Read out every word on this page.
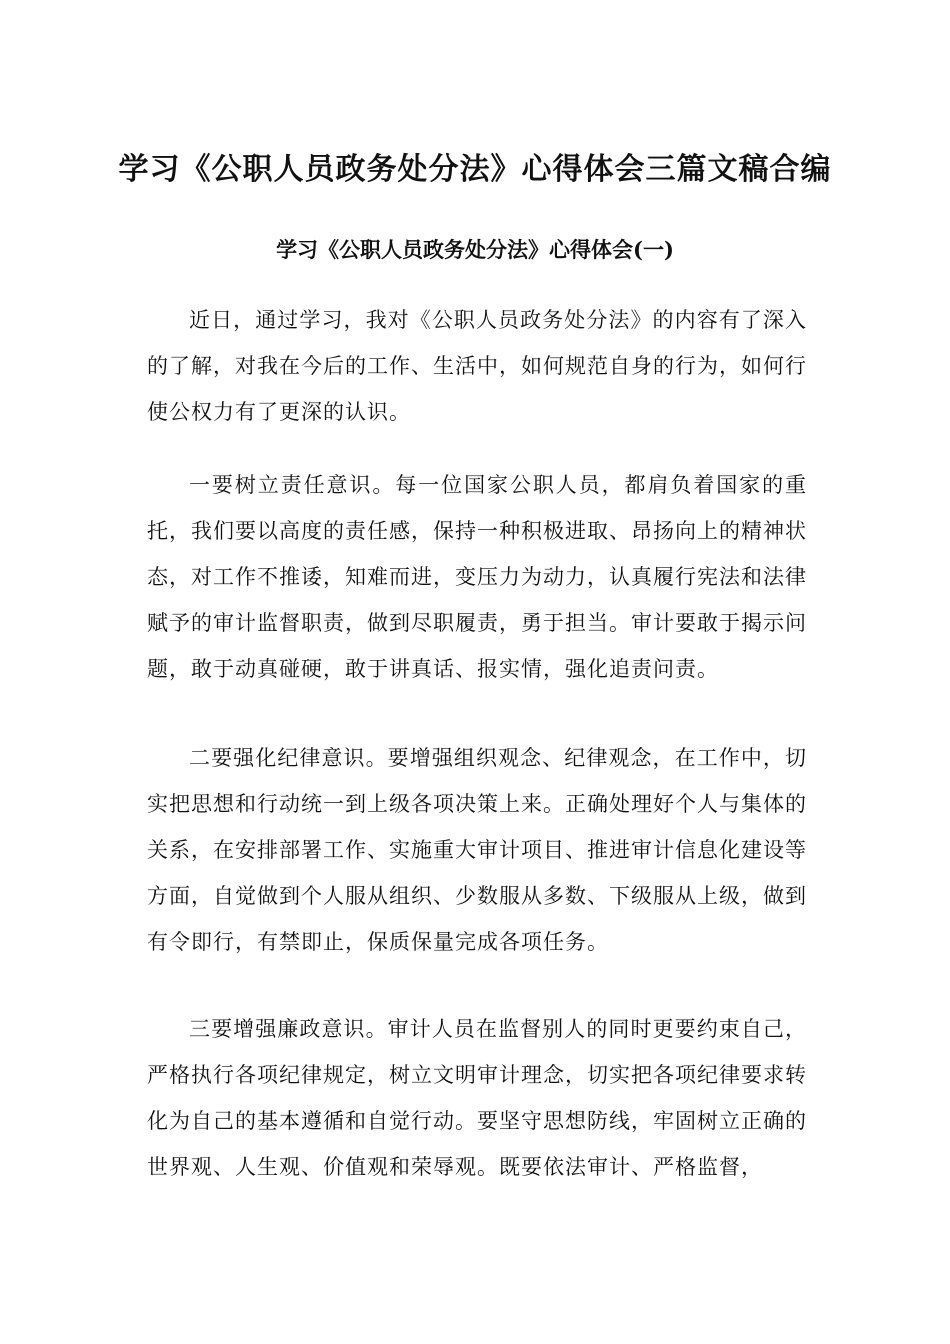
学习《公职人员政务处分法》心得体会三篇文稿合编
学习《公职人员政务处分法》心得体会(一)

近日，通过学习，我对《公职人员政务处分法》的内容有了深入的了解，对我在今后的工作、生活中，如何规范自身的行为，如何行使公权力有了更深的认识。

一要树立责任意识。每一位国家公职人员，都肩负着国家的重托，我们要以高度的责任感，保持一种积极进取、昂扬向上的精神状态，对工作不推诿，知难而进，变压力为动力，认真履行宪法和法律赋予的审计监督职责，做到尽职履责，勇于担当。审计要敢于揭示问题，敢于动真碰硬，敢于讲真话、报实情，强化追责问责。

二要强化纪律意识。要增强组织观念、纪律观念，在工作中，切实把思想和行动统一到上级各项决策上来。正确处理好个人与集体的关系，在安排部署工作、实施重大审计项目、推进审计信息化建设等方面，自觉做到个人服从组织、少数服从多数、下级服从上级，做到有令即行，有禁即止，保质保量完成各项任务。

三要增强廉政意识。审计人员在监督别人的同时更要约束自己，严格执行各项纪律规定，树立文明审计理念，切实把各项纪律要求转化为自己的基本遵循和自觉行动。要坚守思想防线，牢固树立正确的世界观、人生观、价值观和荣辱观。既要依法审计、严格监督，
